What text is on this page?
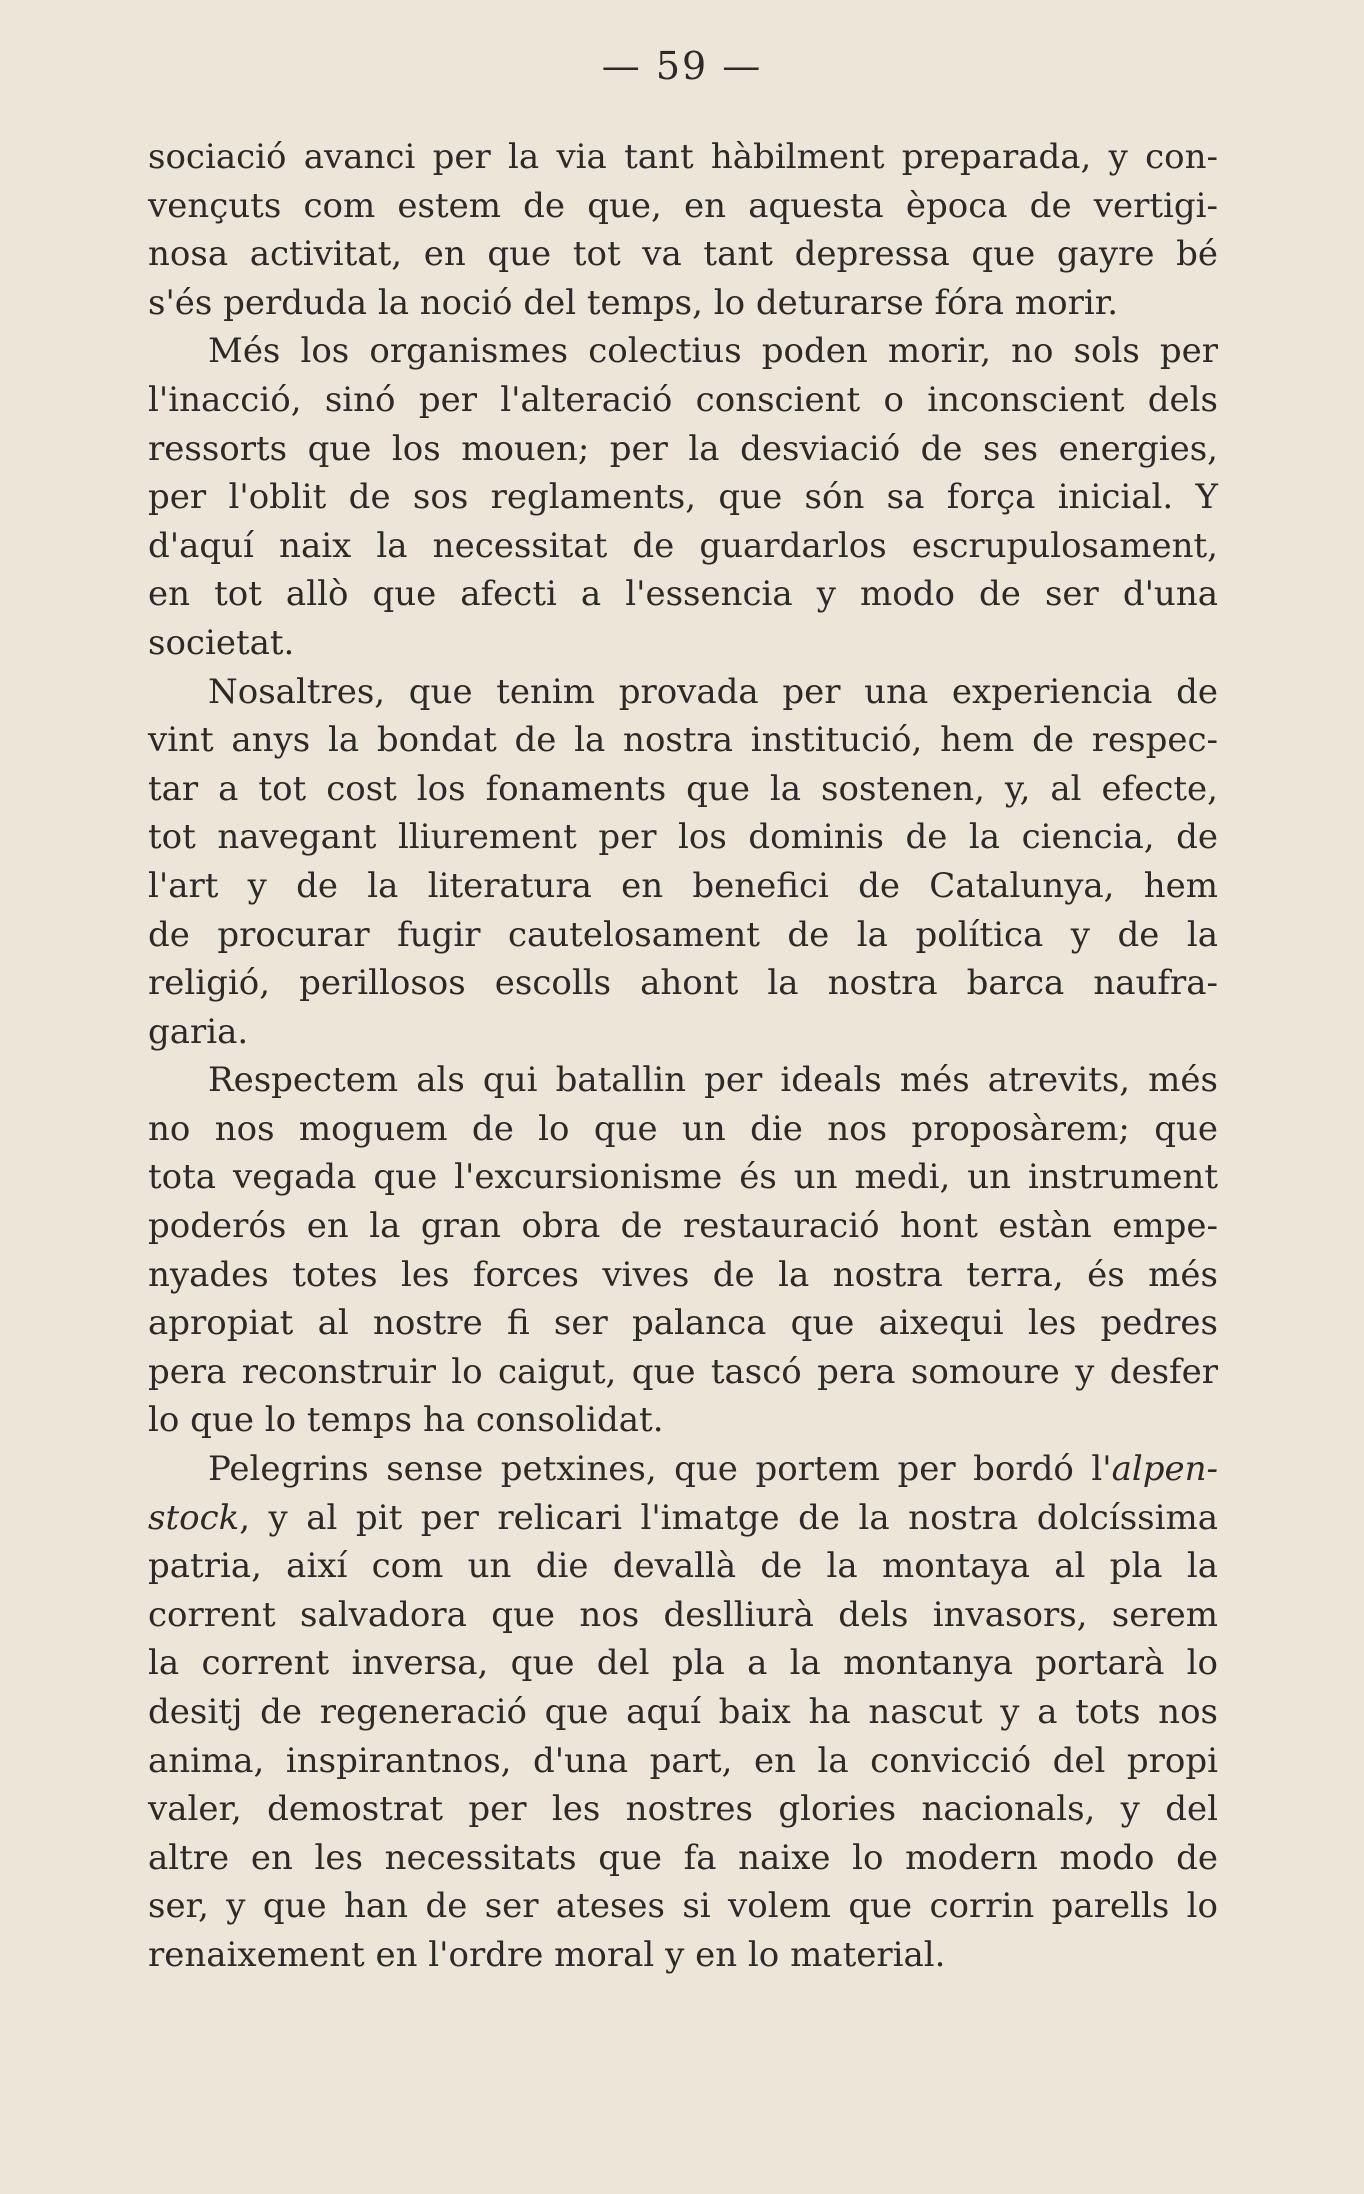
— 59 —
sociació avanci per la via tant hàbilment preparada, y con-
vençuts com estem de que, en aquesta època de vertigi-
nosa activitat, en que tot va tant depressa que gayre bé
s'és perduda la noció del temps, lo deturarse fóra morir.
Més los organismes colectius poden morir, no sols per
l'inacció, sinó per l'alteració conscient o inconscient dels
ressorts que los mouen; per la desviació de ses energies,
per l'oblit de sos reglaments, que són sa força inicial. Y
d'aquí naix la necessitat de guardarlos escrupulosament,
en tot allò que afecti a l'essencia y modo de ser d'una
societat.
Nosaltres, que tenim provada per una experiencia de
vint anys la bondat de la nostra institució, hem de respec-
tar a tot cost los fonaments que la sostenen, y, al efecte,
tot navegant lliurement per los dominis de la ciencia, de
l'art y de la literatura en benefici de Catalunya, hem
de procurar fugir cautelosament de la política y de la
religió, perillosos escolls ahont la nostra barca naufra-
garia.
Respectem als qui batallin per ideals més atrevits, més
no nos moguem de lo que un die nos proposàrem; que
tota vegada que l'excursionisme és un medi, un instrument
poderós en la gran obra de restauració hont estàn empe-
nyades totes les forces vives de la nostra terra, és més
apropiat al nostre fi ser palanca que aixequi les pedres
pera reconstruir lo caigut, que tascó pera somoure y desfer
lo que lo temps ha consolidat.
Pelegrins sense petxines, que portem per bordó l'alpen-
stock, y al pit per relicari l'imatge de la nostra dolcíssima
patria, així com un die devallà de la montaya al pla la
corrent salvadora que nos deslliurà dels invasors, serem
la corrent inversa, que del pla a la montanya portarà lo
desitj de regeneració que aquí baix ha nascut y a tots nos
anima, inspirantnos, d'una part, en la convicció del propi
valer, demostrat per les nostres glories nacionals, y del
altre en les necessitats que fa naixe lo modern modo de
ser, y que han de ser ateses si volem que corrin parells lo
renaixement en l'ordre moral y en lo material.
